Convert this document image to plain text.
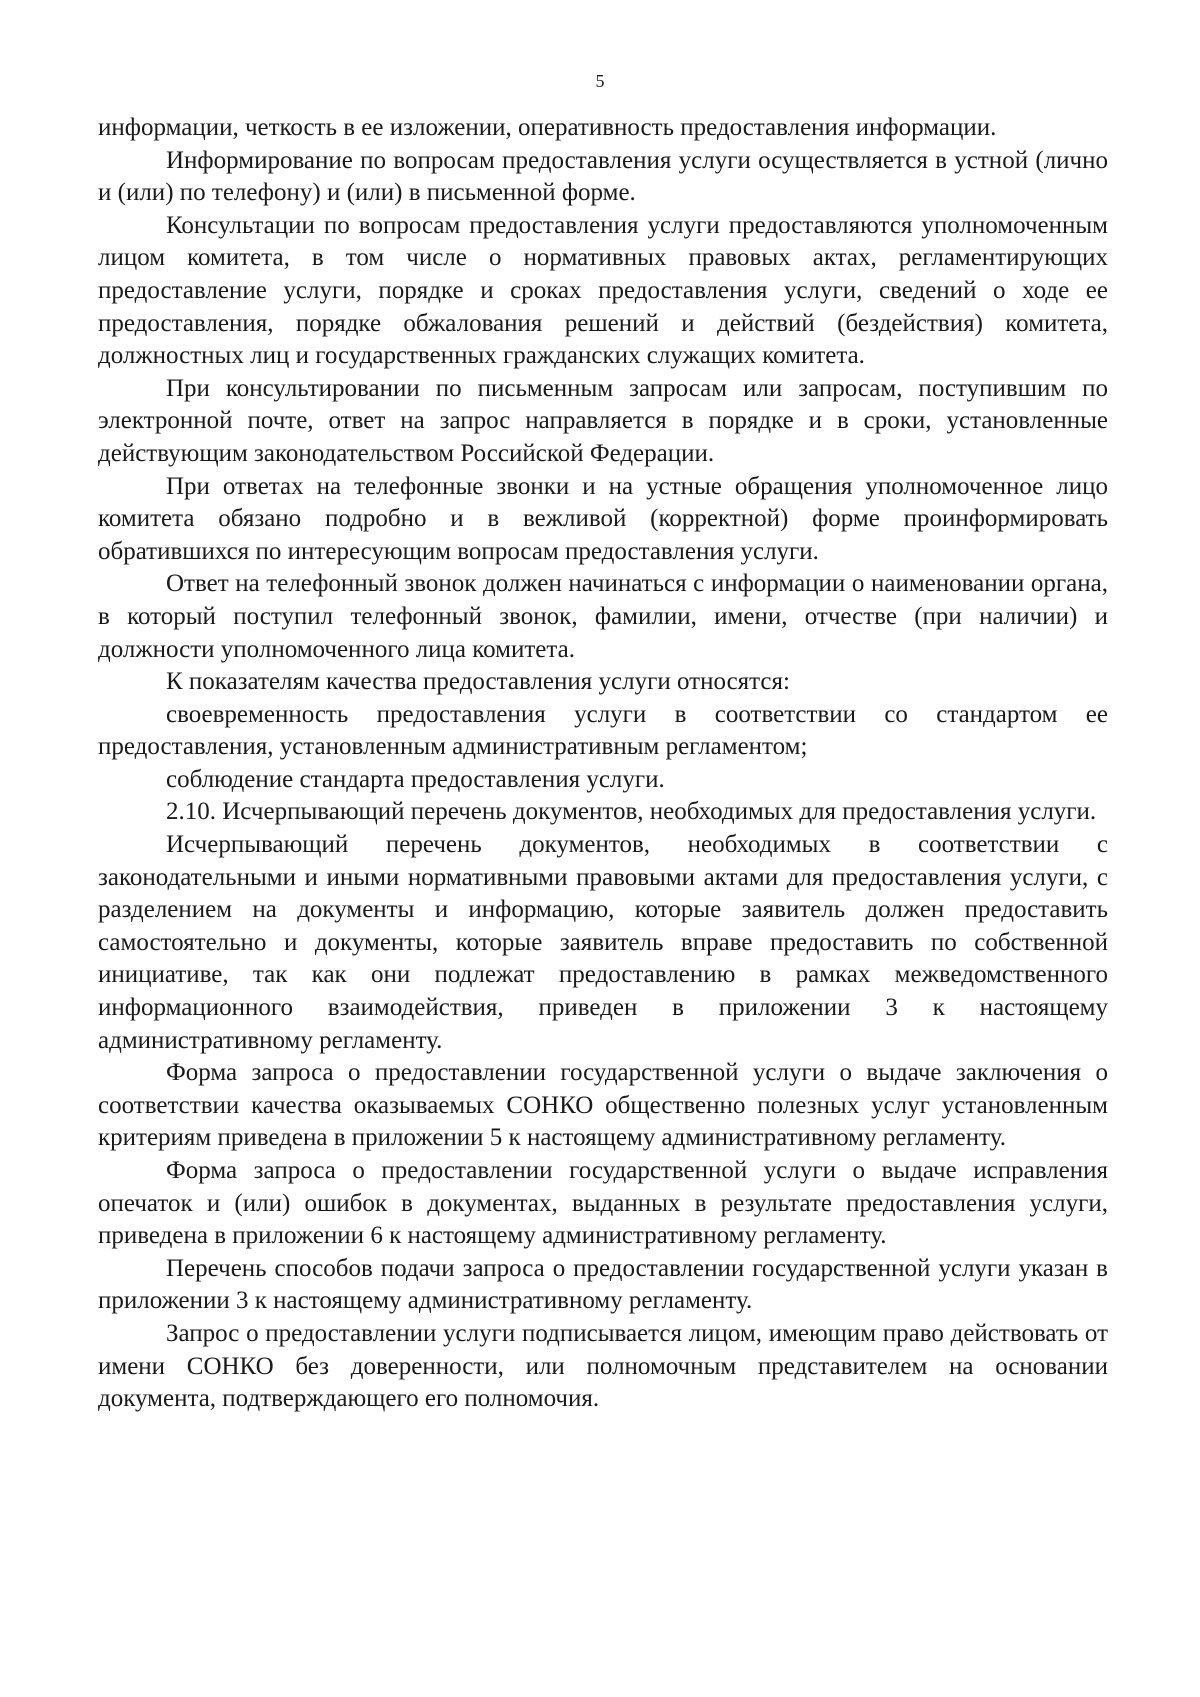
5

информации, четкость в ее изложении, оперативность предоставления информации.

Информирование по вопросам предоставления услуги осуществляется в устной (лично и (или) по телефону) и (или) в письменной форме.

Консультации по вопросам предоставления услуги предоставляются уполномоченным лицом комитета, в том числе о нормативных правовых актах, регламентирующих предоставление услуги, порядке и сроках предоставления услуги, сведений о ходе ее предоставления, порядке обжалования решений и действий (бездействия) комитета, должностных лиц и государственных гражданских служащих комитета.

При консультировании по письменным запросам или запросам, поступившим по электронной почте, ответ на запрос направляется в порядке и в сроки, установленные действующим законодательством Российской Федерации.

При ответах на телефонные звонки и на устные обращения уполномоченное лицо комитета обязано подробно и в вежливой (корректной) форме проинформировать обратившихся по интересующим вопросам предоставления услуги.

Ответ на телефонный звонок должен начинаться с информации о наименовании органа, в который поступил телефонный звонок, фамилии, имени, отчестве (при наличии) и должности уполномоченного лица комитета.

К показателям качества предоставления услуги относятся:

своевременность предоставления услуги в соответствии со стандартом ее предоставления, установленным административным регламентом;

соблюдение стандарта предоставления услуги.

2.10. Исчерпывающий перечень документов, необходимых для предоставления услуги.

Исчерпывающий перечень документов, необходимых в соответствии с законодательными и иными нормативными правовыми актами для предоставления услуги, с разделением на документы и информацию, которые заявитель должен предоставить самостоятельно и документы, которые заявитель вправе предоставить по собственной инициативе, так как они подлежат предоставлению в рамках межведомственного информационного взаимодействия, приведен в приложении 3 к настоящему административному регламенту.

Форма запроса о предоставлении государственной услуги о выдаче заключения о соответствии качества оказываемых СОНКО общественно полезных услуг установленным критериям приведена в приложении 5 к настоящему административному регламенту.

Форма запроса о предоставлении государственной услуги о выдаче исправления опечаток и (или) ошибок в документах, выданных в результате предоставления услуги, приведена в приложении 6 к настоящему административному регламенту.

Перечень способов подачи запроса о предоставлении государственной услуги указан в приложении 3 к настоящему административному регламенту.

Запрос о предоставлении услуги подписывается лицом, имеющим право действовать от имени СОНКО без доверенности, или полномочным представителем на основании документа, подтверждающего его полномочия.
